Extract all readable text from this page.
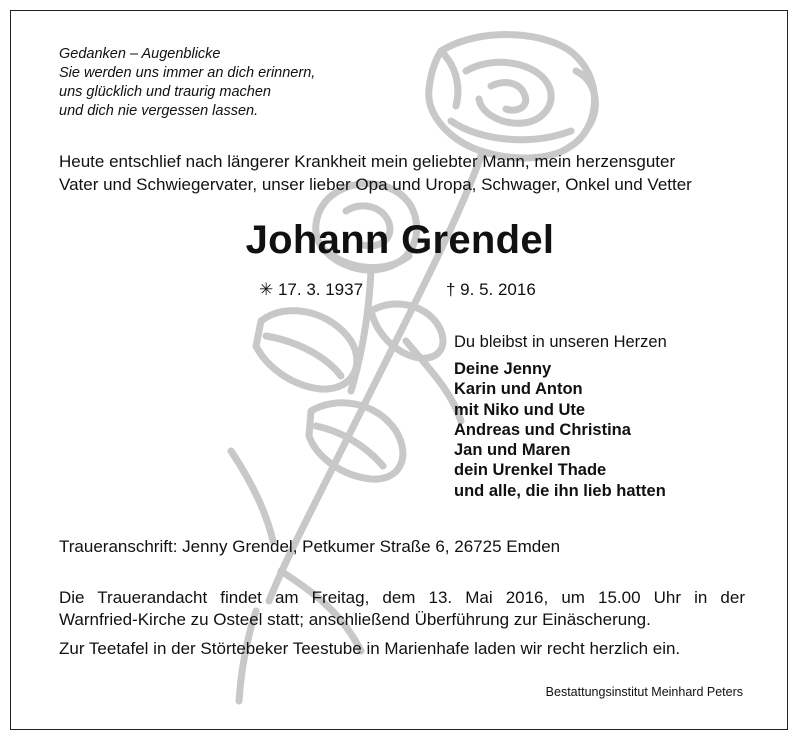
Gedanken – Augenblicke
Sie werden uns immer an dich erinnern,
uns glücklich und traurig machen
und dich nie vergessen lassen.
Heute entschlief nach längerer Krankheit mein geliebter Mann, mein herzensguter
Vater und Schwiegervater, unser lieber Opa und Uropa, Schwager, Onkel und Vetter
Johann Grendel
✳ 17. 3. 1937	† 9. 5. 2016
Du bleibst in unseren Herzen
Deine Jenny
Karin und Anton
mit Niko und Ute
Andreas und Christina
Jan und Maren
dein Urenkel Thade
und alle, die ihn lieb hatten
Traueranschrift: Jenny Grendel, Petkumer Straße 6, 26725 Emden
Die Trauerandacht findet am Freitag, dem 13. Mai 2016, um 15.00 Uhr in der
Warnfried-Kirche zu Osteel statt; anschließend Überführung zur Einäscherung.
Zur Teetafel in der Störtebeker Teestube in Marienhafe laden wir recht herzlich ein.
Bestattungsinstitut Meinhard Peters
